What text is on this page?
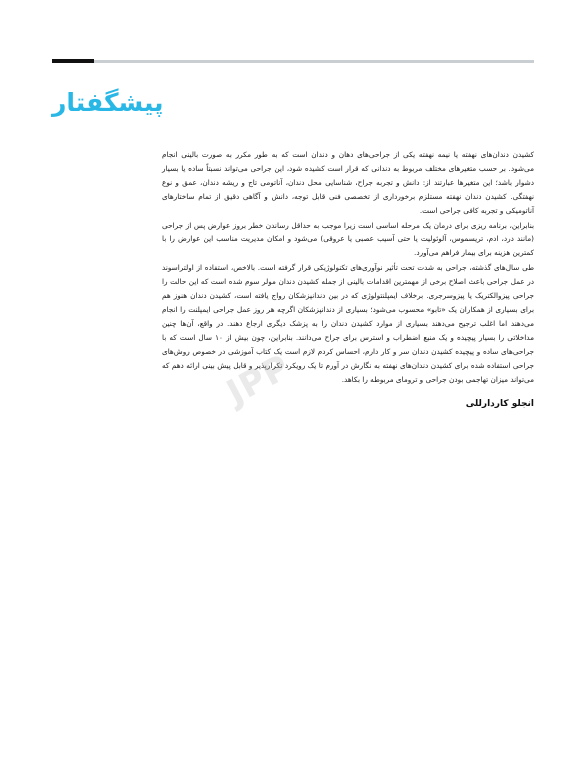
پیشگفتار

کشیدن دندان‌های نهفته یا نیمه نهفته یکی از جراحی‌های دهان و دندان است که به طور مکرر به صورت بالینی انجام می‌شود. بر حسب متغیرهای مختلف مربوط به دندانی که قرار است کشیده شود، این جراحی می‌تواند نسبتاً ساده یا بسیار دشوار باشد؛ این متغیرها عبارتند از: دانش و تجربه جراح، شناسایی محل دندان، آناتومی تاج و ریشه دندان، عمق و نوع نهفتگی. کشیدن دندان نهفته مستلزم برخورداری از تخصصی فنی قابل توجه، دانش و آگاهی دقیق از تمام ساختارهای آناتومیکی و تجربه کافی جراحی است.

بنابراین، برنامه ریزی برای درمان یک مرحله اساسی است زیرا موجب به حداقل رساندن خطر بروز عوارض پس از جراحی (مانند درد، ادم، تریسموس، آلوئولیت یا حتی آسیب عصبی یا عروقی) می‌شود و امکان مدیریت مناسب این عوارض را با کمترین هزینه برای بیمار فراهم می‌آورد.

طی سال‌های گذشته، جراحی به شدت تحت تأثیر نوآوری‌های تکنولوژیکی قرار گرفته است. بالاخص، استفاده از اولتراسوند در عمل جراحی باعث اصلاح برخی از مهمترین اقدامات بالینی از جمله کشیدن دندان مولر سوم شده است که این حالت را جراحی پیزوالکتریک یا پیزوسرجری. برخلاف ایمپلنتولوژی که در بین دندانپزشکان رواج یافته است، کشیدن دندان هنوز هم برای بسیاری از همکاران یک «تابو» محسوب می‌شود؛ بسیاری از دندانپزشکان اگرچه هر روز عمل جراحی ایمپلنت را انجام می‌دهند اما اغلب ترجیح می‌دهند بسیاری از موارد کشیدن دندان را به پزشک دیگری ارجاع دهند. در واقع، آن‌ها چنین مداخلاتی را بسیار پیچیده و یک منبع اضطراب و استرس برای جراح می‌دانند. بنابراین، چون بیش از ۱۰ سال است که با جراحی‌های ساده و پیچیده کشیدن دندان سر و کار دارم، احساس کردم لازم است یک کتاب آموزشی در خصوص روش‌های جراحی استفاده شده برای کشیدن دندان‌های نهفته به نگارش در آورم تا یک رویکرد تکرارپذیر و قابل پیش بینی ارائه دهم که می‌تواند میزان تهاجمی بودن جراحی و ترومای مربوطه را بکاهد.

انجلو کاردارللی

JPP
